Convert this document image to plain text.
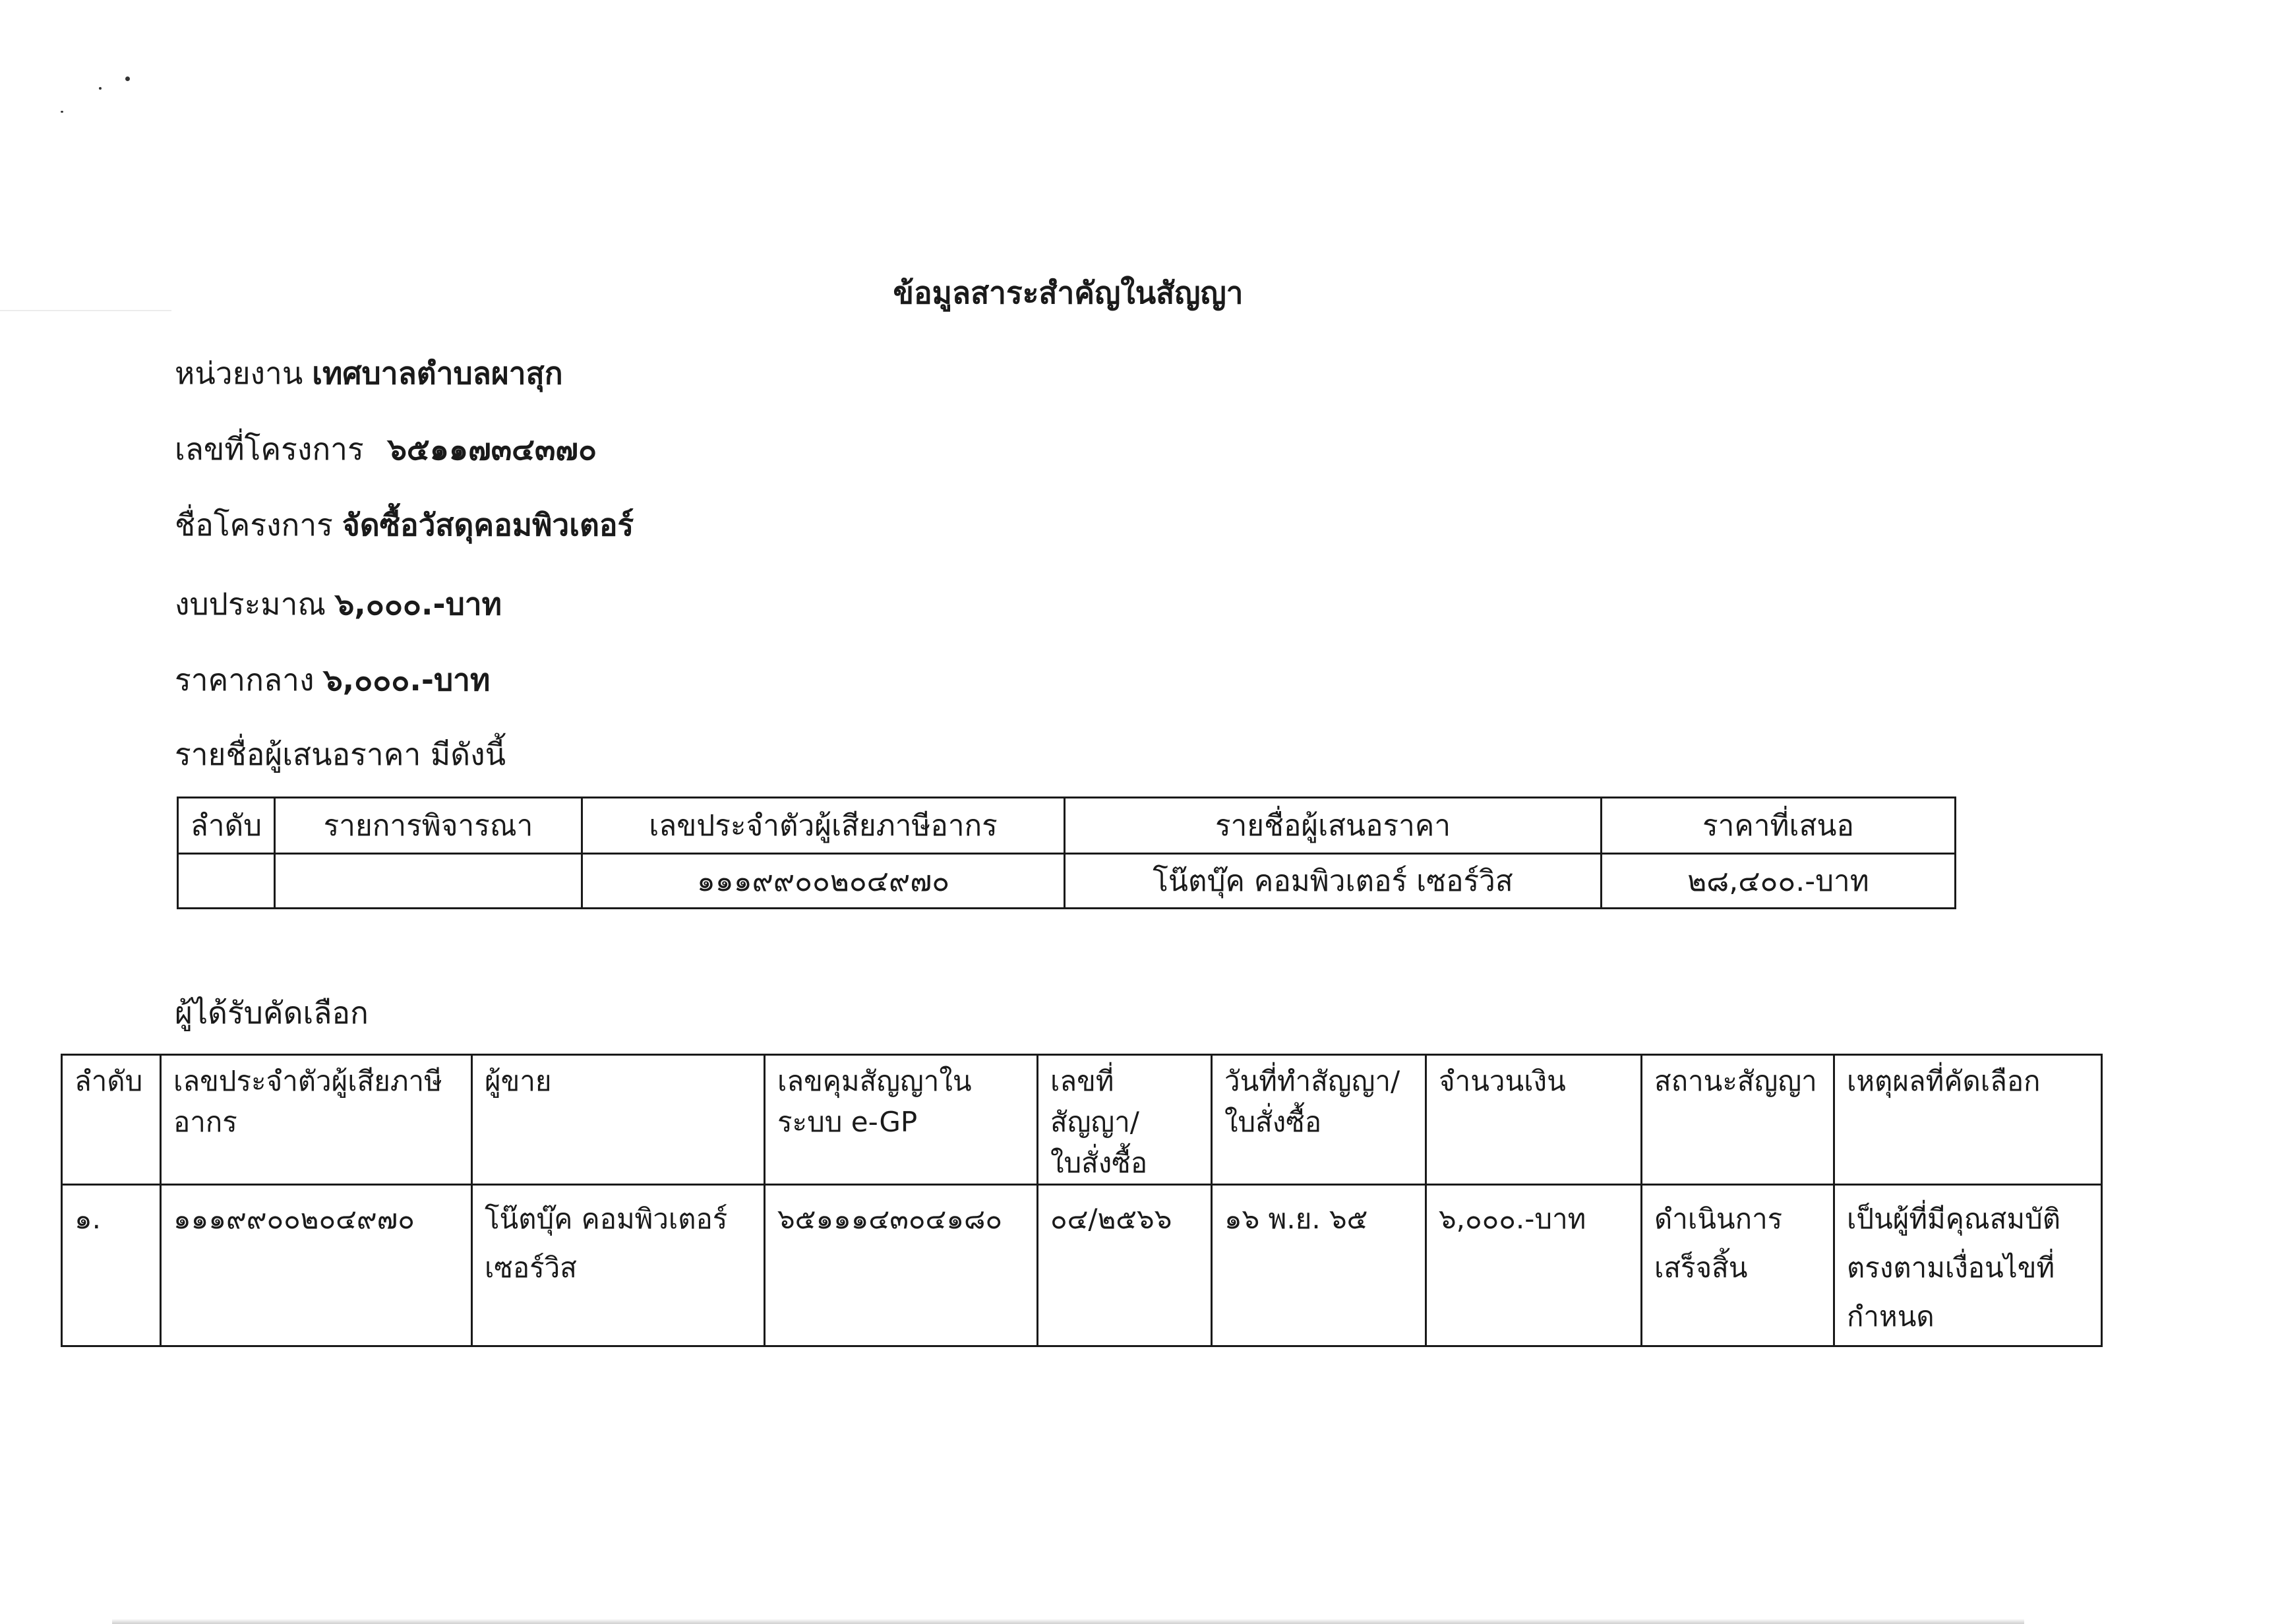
ข้อมูลสาระสำคัญในสัญญา
หน่วยงาน เทศบาลตำบลผาสุก
เลขที่โครงการ ๖๕๑๑๗๓๔๓๗๐
ชื่อโครงการ จัดซื้อวัสดุคอมพิวเตอร์
งบประมาณ ๖,๐๐๐.-บาท
ราคากลาง ๖,๐๐๐.-บาท
รายชื่อผู้เสนอราคา มีดังนี้
ลำดับ	รายการพิจารณา	เลขประจำตัวผู้เสียภาษีอากร	รายชื่อผู้เสนอราคา	ราคาที่เสนอ
		๑๑๑๙๙๐๐๒๐๔๙๗๐	โน๊ตบุ๊ค คอมพิวเตอร์ เซอร์วิส	๒๘,๔๐๐.-บาท
ผู้ได้รับคัดเลือก
ลำดับ	เลขประจำตัวผู้เสียภาษีอากร	ผู้ขาย	เลขคุมสัญญาในระบบ e-GP	เลขที่สัญญา/ใบสั่งซื้อ	วันที่ทำสัญญา/ใบสั่งซื้อ	จำนวนเงิน	สถานะสัญญา	เหตุผลที่คัดเลือก
๑.	๑๑๑๙๙๐๐๒๐๔๙๗๐	โน๊ตบุ๊ค คอมพิวเตอร์ เซอร์วิส	๖๕๑๑๑๔๓๐๔๑๘๐	๐๔/๒๕๖๖	๑๖ พ.ย. ๖๕	๖,๐๐๐.-บาท	ดำเนินการเสร็จสิ้น	เป็นผู้ที่มีคุณสมบัติตรงตามเงื่อนไขที่กำหนด
